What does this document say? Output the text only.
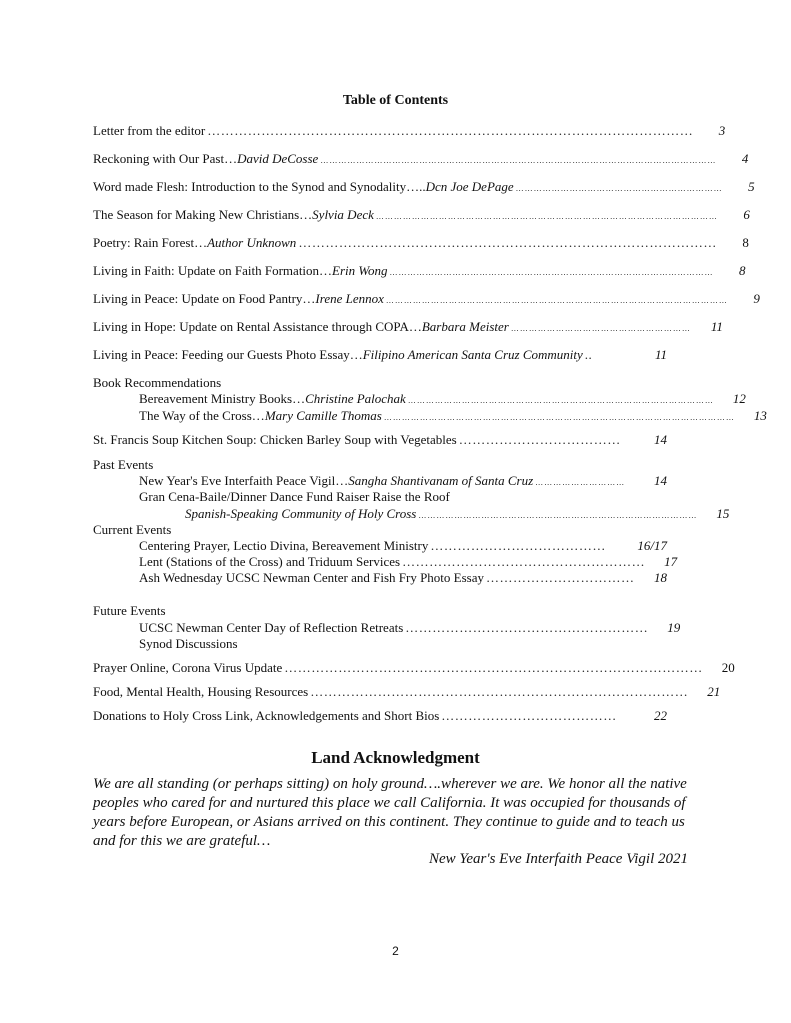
Table of Contents
Letter from the editor ………………………………………………………………………………………………	3
Reckoning with Our Past… David DeCosse ……………………………………………………………………………………………………………………	4
Word made Flesh: Introduction to the Synod and Synodality….. Dcn Joe DePage ……………………………………………………………	5
The Season for Making New Christians… Sylvia Deck ……………………………………………………………………………………………………	6
Poetry: Rain Forest… Author Unknown …………………………………………………………………………………	8
Living in Faith: Update on Faith Formation… Erin Wong ………………………………………………………………………………………………	8
Living in Peace: Update on Food Pantry… Irene Lennox ……………………………………………………………………………………………………	9
Living in Hope: Update on Rental Assistance through COPA… Barbara Meister ……………………………………………………	11
Living in Peace: Feeding our Guests Photo Essay… Filipino American Santa Cruz Community ..	11
Book Recommendations
Bereavement Ministry Books… Christine Palochak …………………………………………………………………………………………	12
The Way of the Cross… Mary Camille Thomas ………………………………………………………………………………………………………	13
St. Francis Soup Kitchen Soup: Chicken Barley Soup with Vegetables ………………………………	14
Past Events
New Year's Eve Interfaith Peace Vigil… Sangha Shantivanam of Santa Cruz …………………………	14
Gran Cena-Baile/Dinner Dance Fund Raiser Raise the Roof
Spanish-Speaking Community of Holy Cross …………………………………………………………………………………	15
Current Events
Centering Prayer, Lectio Divina, Bereavement Ministry …………………………………	16/17
Lent (Stations of the Cross) and Triduum Services ………………………………………………	17
Ash Wednesday UCSC Newman Center and Fish Fry Photo Essay ……………………………	18
Future Events
UCSC Newman Center Day of Reflection Retreats ………………………………………………	19
Synod Discussions
Prayer Online, Corona Virus Update …………………………………………………………………………………	20
Food, Mental Health, Housing Resources …………………………………………………………………………	21
Donations to Holy Cross Link, Acknowledgements and Short Bios …………………………………	22
Land Acknowledgment
We are all standing (or perhaps sitting) on holy ground….wherever we are. We honor all the native peoples who cared for and nurtured this place we call California. It was occupied for thousands of years before European, or Asians arrived on this continent. They continue to guide and to teach us and for this we are grateful…
New Year's Eve Interfaith Peace Vigil 2021
2
